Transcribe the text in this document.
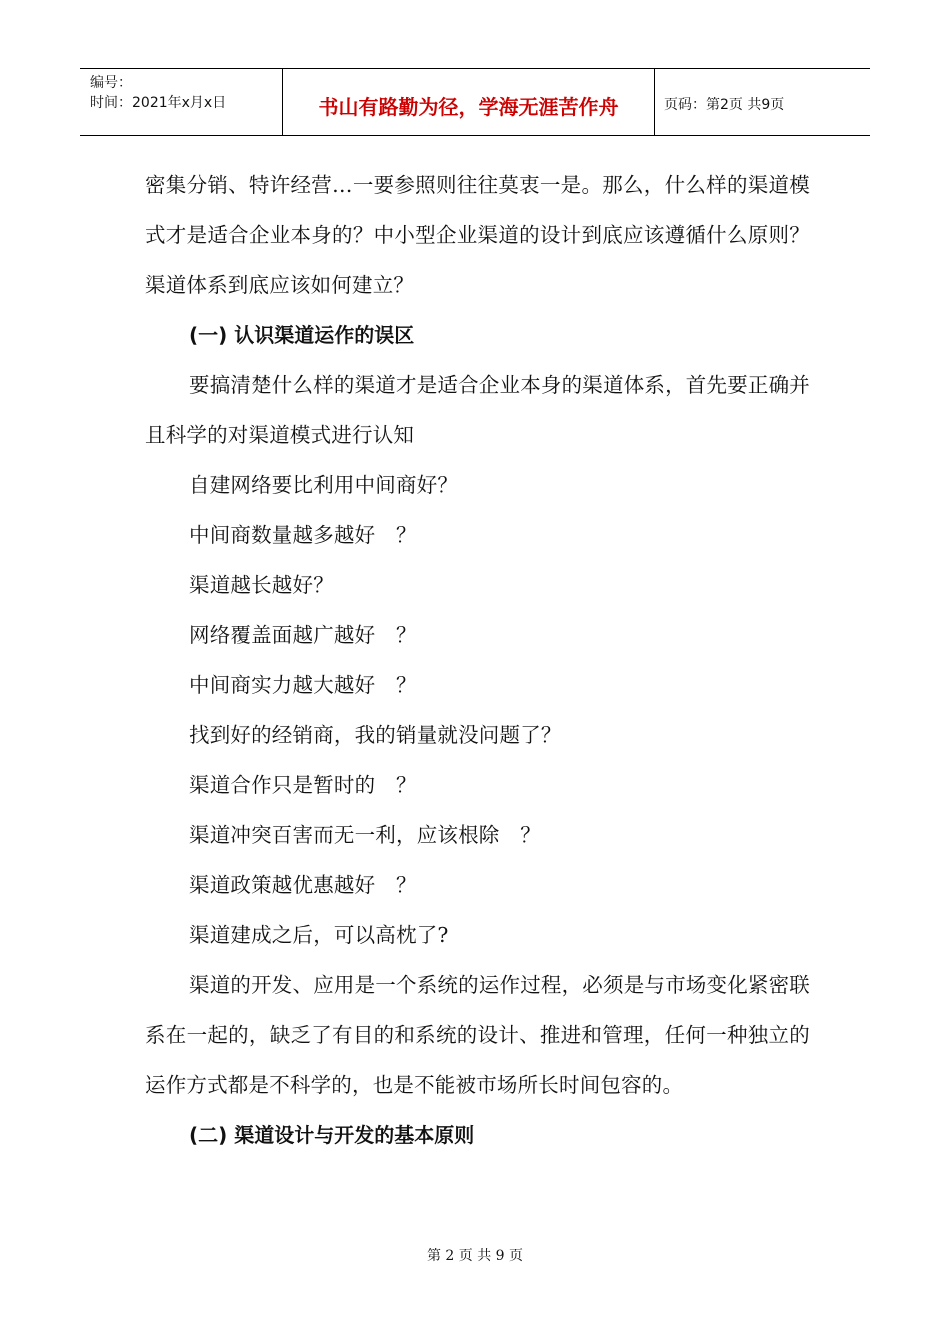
编号：
时间：2021年x月x日	书山有路勤为径，学海无涯苦作舟	页码：第2页 共9页

密集分销、特许经营…一要参照则往往莫衷一是。那么，什么样的渠道模式才是适合企业本身的？中小型企业渠道的设计到底应该遵循什么原则？渠道体系到底应该如何建立？

(一) 认识渠道运作的误区

要搞清楚什么样的渠道才是适合企业本身的渠道体系，首先要正确并且科学的对渠道模式进行认知

自建网络要比利用中间商好？

中间商数量越多越好　？

渠道越长越好？

网络覆盖面越广越好　？

中间商实力越大越好　？

找到好的经销商，我的销量就没问题了？

渠道合作只是暂时的　？

渠道冲突百害而无一利，应该根除　？

渠道政策越优惠越好　？

渠道建成之后，可以高枕了?

渠道的开发、应用是一个系统的运作过程，必须是与市场变化紧密联系在一起的，缺乏了有目的和系统的设计、推进和管理，任何一种独立的运作方式都是不科学的，也是不能被市场所长时间包容的。

(二) 渠道设计与开发的基本原则

第 2 页 共 9 页
